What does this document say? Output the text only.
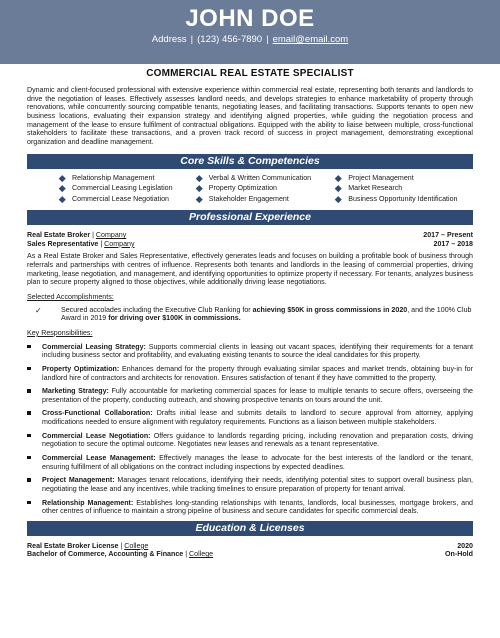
JOHN DOE
Address | (123) 456-7890 | email@email.com
COMMERCIAL REAL ESTATE SPECIALIST

Dynamic and client-focused professional with extensive experience within commercial real estate, representing both tenants and landlords to drive the negotiation of leases. Effectively assesses landlord needs, and develops strategies to enhance marketability of property through renovations, while concurrently sourcing compatible tenants, negotiating leases, and facilitating transactions. Supports tenants to open new business locations, evaluating their expansion strategy and identifying aligned properties, while guiding the negotiation process and management of the lease to ensure fulfilment of contractual obligations. Equipped with the ability to liaise between multiple, cross-functional stakeholders to facilitate these transactions, and a proven track record of success in project management, demonstrating exceptional organization and deadline management.

Core Skills & Competencies
Relationship Management
Commercial Leasing Legislation
Commercial Lease Negotiation
Verbal & Written Communication
Property Optimization
Stakeholder Engagement
Project Management
Market Research
Business Opportunity Identification
Professional Experience
Real Estate Broker | Company	2017 – Present
Sales Representative | Company	2017 – 2018

As a Real Estate Broker and Sales Representative, effectively generates leads and focuses on building a profitable book of business through referrals and partnerships with centres of influence. Represents both tenants and landlords in the leasing of commercial properties, driving marketing, lease negotiation, and management, and identifying opportunities to optimize property if necessary. For tenants, analyzes business plan to secure property aligned to those objectives, while additionally driving lease negotiations.

Selected Accomplishments:
✓	Secured accolades including the Executive Club Ranking for achieving $50K in gross commissions in 2020, and the 100% Club Award in 2019 for driving over $100K in commissions.
Key Responsibilities:
Commercial Leasing Strategy: Supports commercial clients in leasing out vacant spaces, identifying their requirements for a tenant including business sector and profitability, and evaluating existing tenants to source the ideal candidates for this property.
Property Optimization: Enhances demand for the property through evaluating similar spaces and market trends, obtaining buy-in for landlord hire of contractors and architects for renovation. Ensures satisfaction of tenant if they have committed to the property.
Marketing Strategy: Fully accountable for marketing commercial spaces for lease to multiple tenants to secure offers, overseeing the presentation of the property, conducting outreach, and showing prospective tenants on tours around the unit.
Cross-Functional Collaboration: Drafts initial lease and submits details to landlord to secure approval from attorney, applying modifications needed to ensure alignment with regulatory requirements. Functions as a liaison between multiple stakeholders.
Commercial Lease Negotiation: Offers guidance to landlords regarding pricing, including renovation and preparation costs, driving negotiation to secure the optimal outcome. Negotiates new leases and renewals as a tenant representative.
Commercial Lease Management: Effectively manages the lease to advocate for the best interests of the landlord or the tenant, ensuring fulfillment of all obligations on the contract including inspections by expected deadlines.
Project Management: Manages tenant relocations, identifying their needs, identifying potential sites to support overall business plan, negotiating the lease and any incentives, while tracking timelines to ensure preparation of property for tenant arrival.
Relationship Management: Establishes long-standing relationships with tenants, landlords, local businesses, mortgage brokers, and other centres of influence to maintain a strong pipeline of business and secure candidates for specific commercial deals.
Education & Licenses
Real Estate Broker License | College	2020
Bachelor of Commerce, Accounting & Finance | College	On-Hold
